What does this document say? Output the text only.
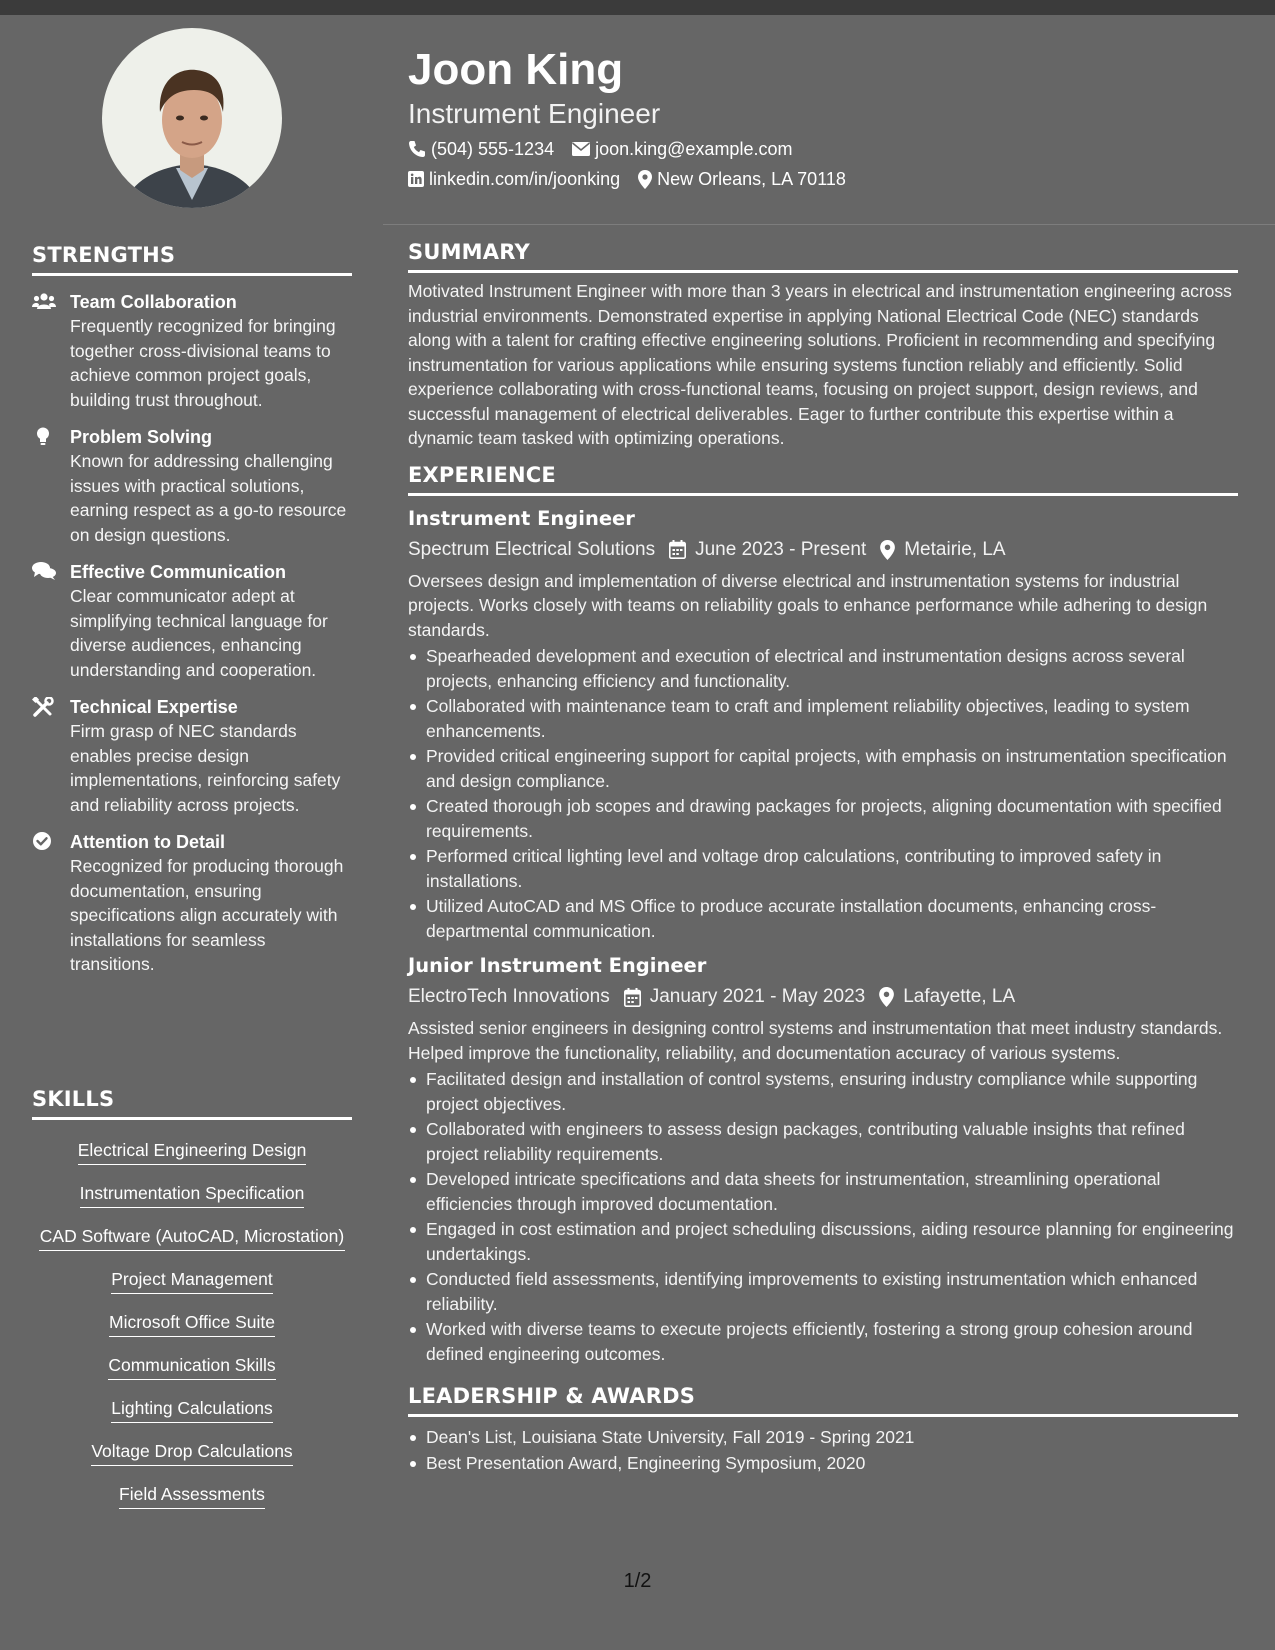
STRENGTHS
Team Collaboration
Frequently recognized for bringing together cross-divisional teams to achieve common project goals, building trust throughout.
Problem Solving
Known for addressing challenging issues with practical solutions, earning respect as a go-to resource on design questions.
Effective Communication
Clear communicator adept at simplifying technical language for diverse audiences, enhancing understanding and cooperation.
Technical Expertise
Firm grasp of NEC standards enables precise design implementations, reinforcing safety and reliability across projects.
Attention to Detail
Recognized for producing thorough documentation, ensuring specifications align accurately with installations for seamless transitions.
SKILLS
Electrical Engineering Design
Instrumentation Specification
CAD Software (AutoCAD, Microstation)
Project Management
Microsoft Office Suite
Communication Skills
Lighting Calculations
Voltage Drop Calculations
Field Assessments
Joon King
Instrument Engineer
(504) 555-1234 joon.king@example.com
linkedin.com/in/joonking New Orleans, LA 70118
SUMMARY
Motivated Instrument Engineer with more than 3 years in electrical and instrumentation engineering across industrial environments. Demonstrated expertise in applying National Electrical Code (NEC) standards along with a talent for crafting effective engineering solutions. Proficient in recommending and specifying instrumentation for various applications while ensuring systems function reliably and efficiently. Solid experience collaborating with cross-functional teams, focusing on project support, design reviews, and successful management of electrical deliverables. Eager to further contribute this expertise within a dynamic team tasked with optimizing operations.
EXPERIENCE
Instrument Engineer
Spectrum Electrical Solutions June 2023 - Present Metairie, LA
Oversees design and implementation of diverse electrical and instrumentation systems for industrial projects. Works closely with teams on reliability goals to enhance performance while adhering to design standards.
Spearheaded development and execution of electrical and instrumentation designs across several projects, enhancing efficiency and functionality.
Collaborated with maintenance team to craft and implement reliability objectives, leading to system enhancements.
Provided critical engineering support for capital projects, with emphasis on instrumentation specification and design compliance.
Created thorough job scopes and drawing packages for projects, aligning documentation with specified requirements.
Performed critical lighting level and voltage drop calculations, contributing to improved safety in installations.
Utilized AutoCAD and MS Office to produce accurate installation documents, enhancing cross-departmental communication.
Junior Instrument Engineer
ElectroTech Innovations January 2021 - May 2023 Lafayette, LA
Assisted senior engineers in designing control systems and instrumentation that meet industry standards. Helped improve the functionality, reliability, and documentation accuracy of various systems.
Facilitated design and installation of control systems, ensuring industry compliance while supporting project objectives.
Collaborated with engineers to assess design packages, contributing valuable insights that refined project reliability requirements.
Developed intricate specifications and data sheets for instrumentation, streamlining operational efficiencies through improved documentation.
Engaged in cost estimation and project scheduling discussions, aiding resource planning for engineering undertakings.
Conducted field assessments, identifying improvements to existing instrumentation which enhanced reliability.
Worked with diverse teams to execute projects efficiently, fostering a strong group cohesion around defined engineering outcomes.
LEADERSHIP & AWARDS
Dean's List, Louisiana State University, Fall 2019 - Spring 2021
Best Presentation Award, Engineering Symposium, 2020
1/2
